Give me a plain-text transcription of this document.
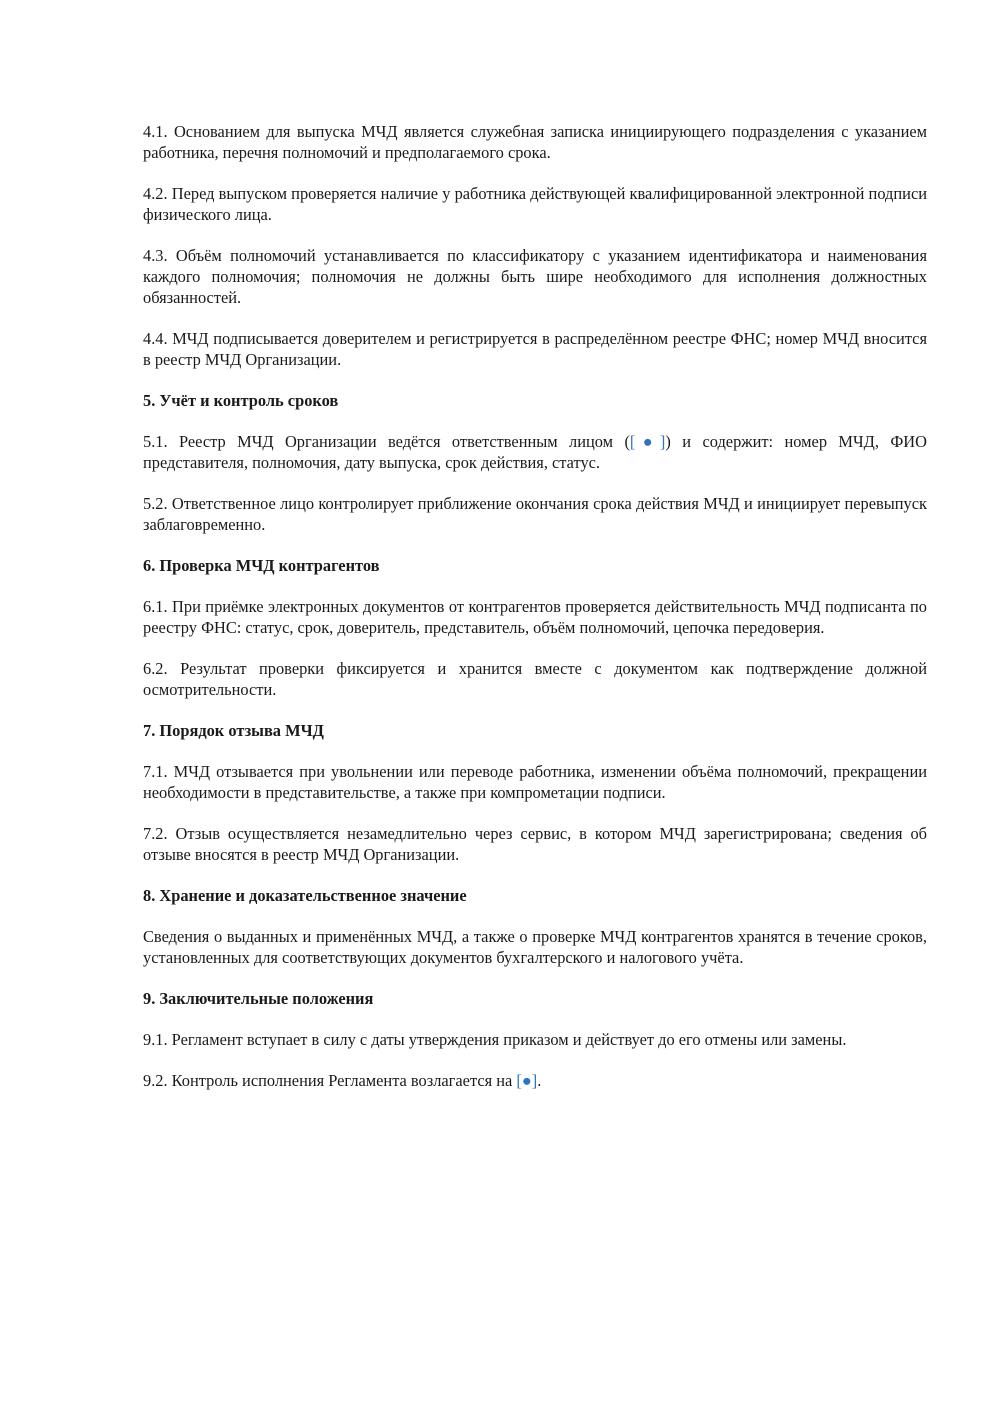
4.1. Основанием для выпуска МЧД является служебная записка инициирующего подразделения с указанием работника, перечня полномочий и предполагаемого срока.

4.2. Перед выпуском проверяется наличие у работника действующей квалифицированной электронной подписи физического лица.

4.3. Объём полномочий устанавливается по классификатору с указанием идентификатора и наименования каждого полномочия; полномочия не должны быть шире необходимого для исполнения должностных обязанностей.

4.4. МЧД подписывается доверителем и регистрируется в распределённом реестре ФНС; номер МЧД вносится в реестр МЧД Организации.

5. Учёт и контроль сроков

5.1. Реестр МЧД Организации ведётся ответственным лицом ([●]) и содержит: номер МЧД, ФИО представителя, полномочия, дату выпуска, срок действия, статус.

5.2. Ответственное лицо контролирует приближение окончания срока действия МЧД и инициирует перевыпуск заблаговременно.

6. Проверка МЧД контрагентов

6.1. При приёмке электронных документов от контрагентов проверяется действительность МЧД подписанта по реестру ФНС: статус, срок, доверитель, представитель, объём полномочий, цепочка передоверия.

6.2. Результат проверки фиксируется и хранится вместе с документом как подтверждение должной осмотрительности.

7. Порядок отзыва МЧД

7.1. МЧД отзывается при увольнении или переводе работника, изменении объёма полномочий, прекращении необходимости в представительстве, а также при компрометации подписи.

7.2. Отзыв осуществляется незамедлительно через сервис, в котором МЧД зарегистрирована; сведения об отзыве вносятся в реестр МЧД Организации.

8. Хранение и доказательственное значение

Сведения о выданных и применённых МЧД, а также о проверке МЧД контрагентов хранятся в течение сроков, установленных для соответствующих документов бухгалтерского и налогового учёта.

9. Заключительные положения

9.1. Регламент вступает в силу с даты утверждения приказом и действует до его отмены или замены.

9.2. Контроль исполнения Регламента возлагается на [●].
